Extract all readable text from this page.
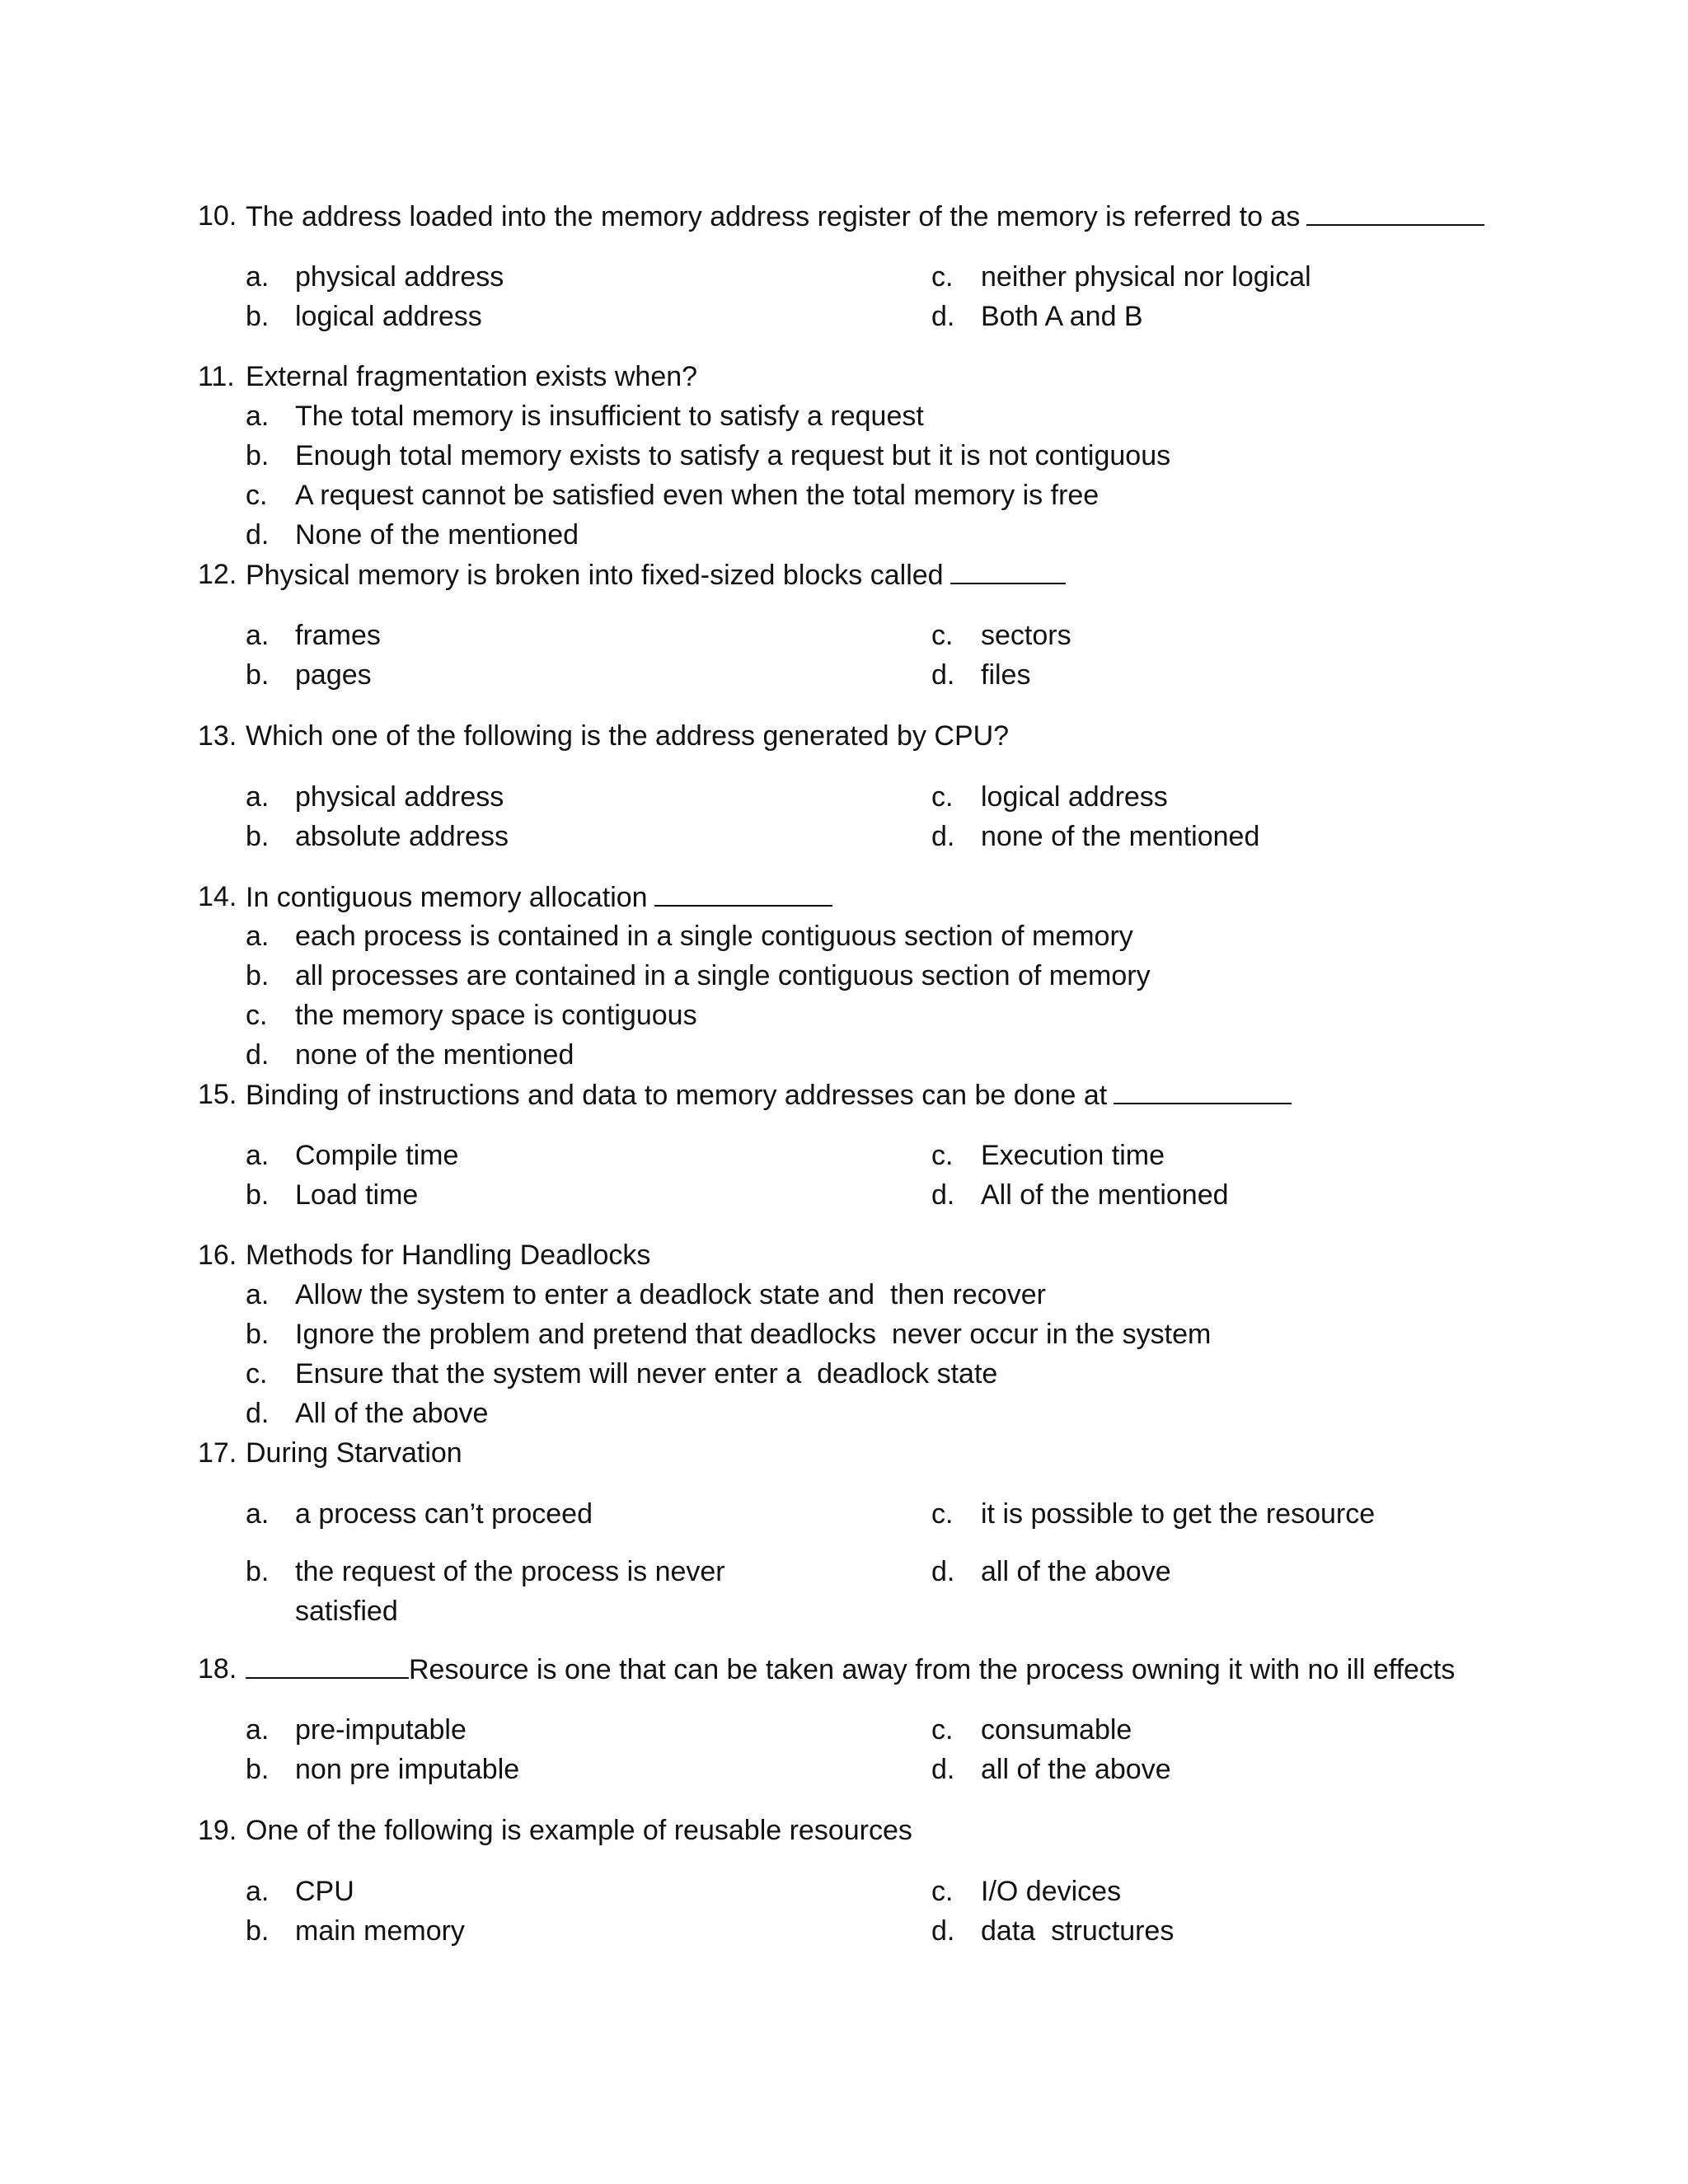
10. The address loaded into the memory address register of the memory is referred to as
a. physical address
b. logical address
c. neither physical nor logical
d. Both A and B
11. External fragmentation exists when?
a. The total memory is insufficient to satisfy a request
b. Enough total memory exists to satisfy a request but it is not contiguous
c. A request cannot be satisfied even when the total memory is free
d. None of the mentioned
12. Physical memory is broken into fixed-sized blocks called
a. frames
b. pages
c. sectors
d. files
13. Which one of the following is the address generated by CPU?
a. physical address
b. absolute address
c. logical address
d. none of the mentioned
14. In contiguous memory allocation
a. each process is contained in a single contiguous section of memory
b. all processes are contained in a single contiguous section of memory
c. the memory space is contiguous
d. none of the mentioned
15. Binding of instructions and data to memory addresses can be done at
a. Compile time
b. Load time
c. Execution time
d. All of the mentioned
16. Methods for Handling Deadlocks
a. Allow the system to enter a deadlock state and  then recover
b. Ignore the problem and pretend that deadlocks  never occur in the system
c. Ensure that the system will never enter a  deadlock state
d. All of the above
17. During Starvation
a. a process can’t proceed
b. the request of the process is never satisfied
c. it is possible to get the resource
d. all of the above
18.	Resource is one that can be taken away from the process owning it with no ill effects
a. pre-imputable
b. non pre imputable
c. consumable
d. all of the above
19. One of the following is example of reusable resources
a. CPU
b. main memory
c. I/O devices
d. data  structures
